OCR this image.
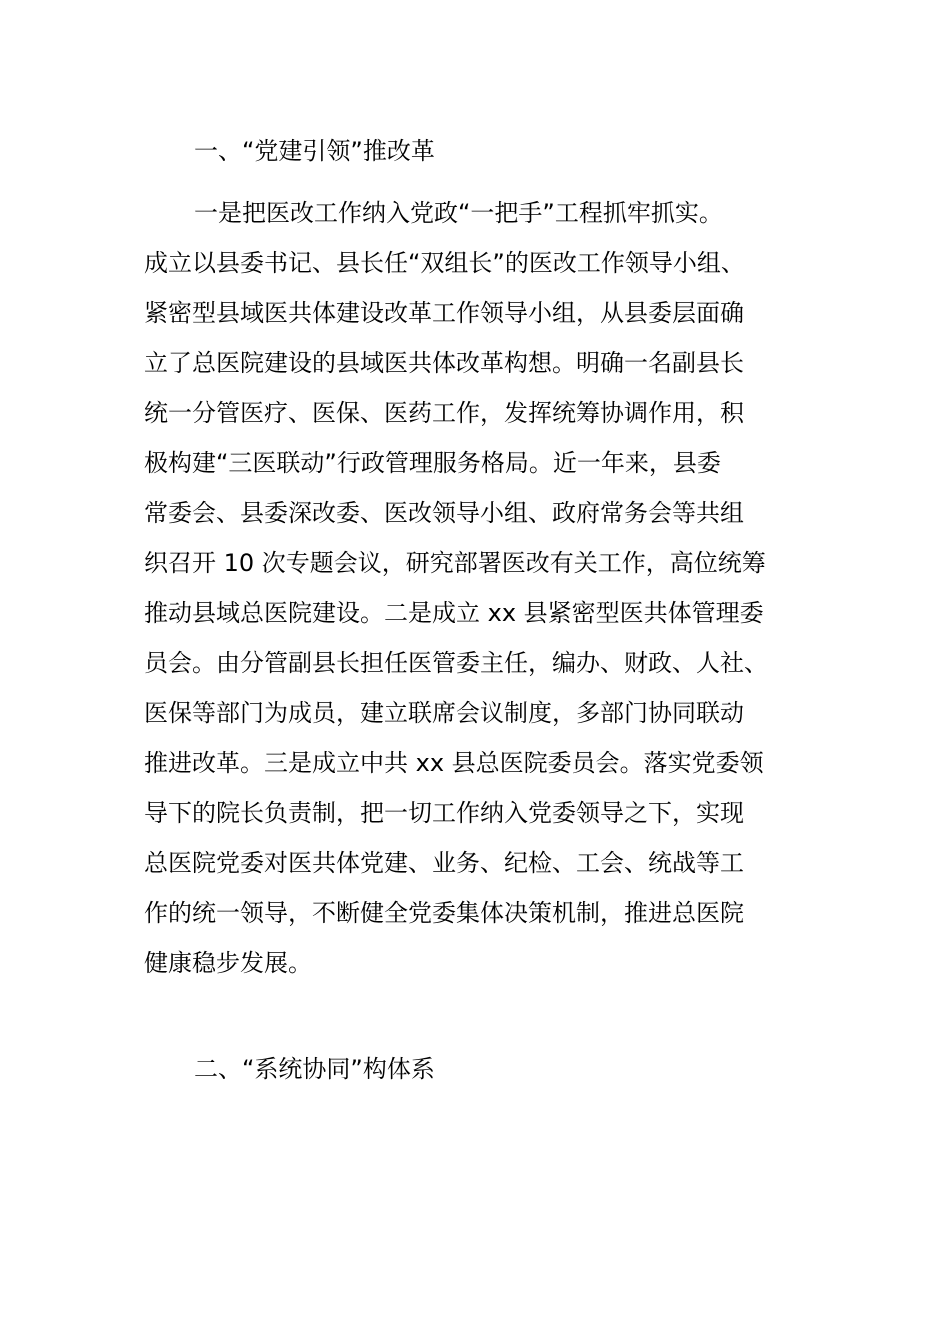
一、“党建引领”推改革
一是把医改工作纳入党政“一把手”工程抓牢抓实。
成立以县委书记、县长任“双组长”的医改工作领导小组、
紧密型县域医共体建设改革工作领导小组，从县委层面确
立了总医院建设的县域医共体改革构想。明确一名副县长
统一分管医疗、医保、医药工作，发挥统筹协调作用，积
极构建“三医联动”行政管理服务格局。近一年来，县委
常委会、县委深改委、医改领导小组、政府常务会等共组
织召开 10 次专题会议，研究部署医改有关工作，高位统筹
推动县域总医院建设。二是成立 xx 县紧密型医共体管理委
员会。由分管副县长担任医管委主任，编办、财政、人社、
医保等部门为成员，建立联席会议制度，多部门协同联动
推进改革。三是成立中共 xx 县总医院委员会。落实党委领
导下的院长负责制，把一切工作纳入党委领导之下，实现
总医院党委对医共体党建、业务、纪检、工会、统战等工
作的统一领导，不断健全党委集体决策机制，推进总医院
健康稳步发展。
二、“系统协同”构体系
